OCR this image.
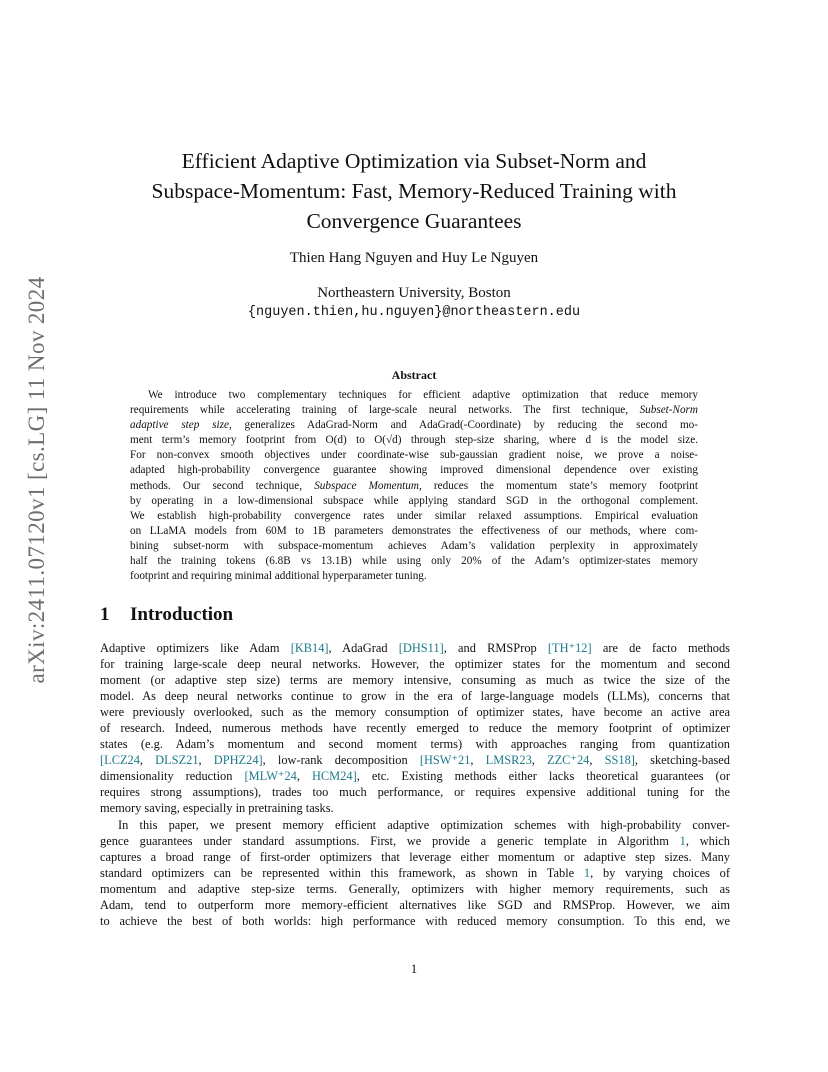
arXiv:2411.07120v1 [cs.LG] 11 Nov 2024
Efficient Adaptive Optimization via Subset-Norm and
Subspace-Momentum: Fast, Memory-Reduced Training with
Convergence Guarantees
Thien Hang Nguyen and Huy Le Nguyen
Northeastern University, Boston
{nguyen.thien,hu.nguyen}@northeastern.edu
Abstract
We introduce two complementary techniques for efficient adaptive optimization that reduce memory
requirements while accelerating training of large-scale neural networks. The first technique, Subset-Norm
adaptive step size, generalizes AdaGrad-Norm and AdaGrad(-Coordinate) by reducing the second mo-
ment term’s memory footprint from O(d) to O(√d) through step-size sharing, where d is the model size.
For non-convex smooth objectives under coordinate-wise sub-gaussian gradient noise, we prove a noise-
adapted high-probability convergence guarantee showing improved dimensional dependence over existing
methods. Our second technique, Subspace Momentum, reduces the momentum state’s memory footprint
by operating in a low-dimensional subspace while applying standard SGD in the orthogonal complement.
We establish high-probability convergence rates under similar relaxed assumptions. Empirical evaluation
on LLaMA models from 60M to 1B parameters demonstrates the effectiveness of our methods, where com-
bining subset-norm with subspace-momentum achieves Adam’s validation perplexity in approximately
half the training tokens (6.8B vs 13.1B) while using only 20% of the Adam’s optimizer-states memory
footprint and requiring minimal additional hyperparameter tuning.
1 Introduction
Adaptive optimizers like Adam [KB14], AdaGrad [DHS11], and RMSProp [TH⁺12] are de facto methods
for training large-scale deep neural networks. However, the optimizer states for the momentum and second
moment (or adaptive step size) terms are memory intensive, consuming as much as twice the size of the
model. As deep neural networks continue to grow in the era of large-language models (LLMs), concerns that
were previously overlooked, such as the memory consumption of optimizer states, have become an active area
of research. Indeed, numerous methods have recently emerged to reduce the memory footprint of optimizer
states (e.g. Adam’s momentum and second moment terms) with approaches ranging from quantization
[LCZ24, DLSZ21, DPHZ24], low-rank decomposition [HSW⁺21, LMSR23, ZZC⁺24, SS18], sketching-based
dimensionality reduction [MLW⁺24, HCM24], etc. Existing methods either lacks theoretical guarantees (or
requires strong assumptions), trades too much performance, or requires expensive additional tuning for the
memory saving, especially in pretraining tasks.
In this paper, we present memory efficient adaptive optimization schemes with high-probability conver-
gence guarantees under standard assumptions. First, we provide a generic template in Algorithm 1, which
captures a broad range of first-order optimizers that leverage either momentum or adaptive step sizes. Many
standard optimizers can be represented within this framework, as shown in Table 1, by varying choices of
momentum and adaptive step-size terms. Generally, optimizers with higher memory requirements, such as
Adam, tend to outperform more memory-efficient alternatives like SGD and RMSProp. However, we aim
to achieve the best of both worlds: high performance with reduced memory consumption. To this end, we
1
